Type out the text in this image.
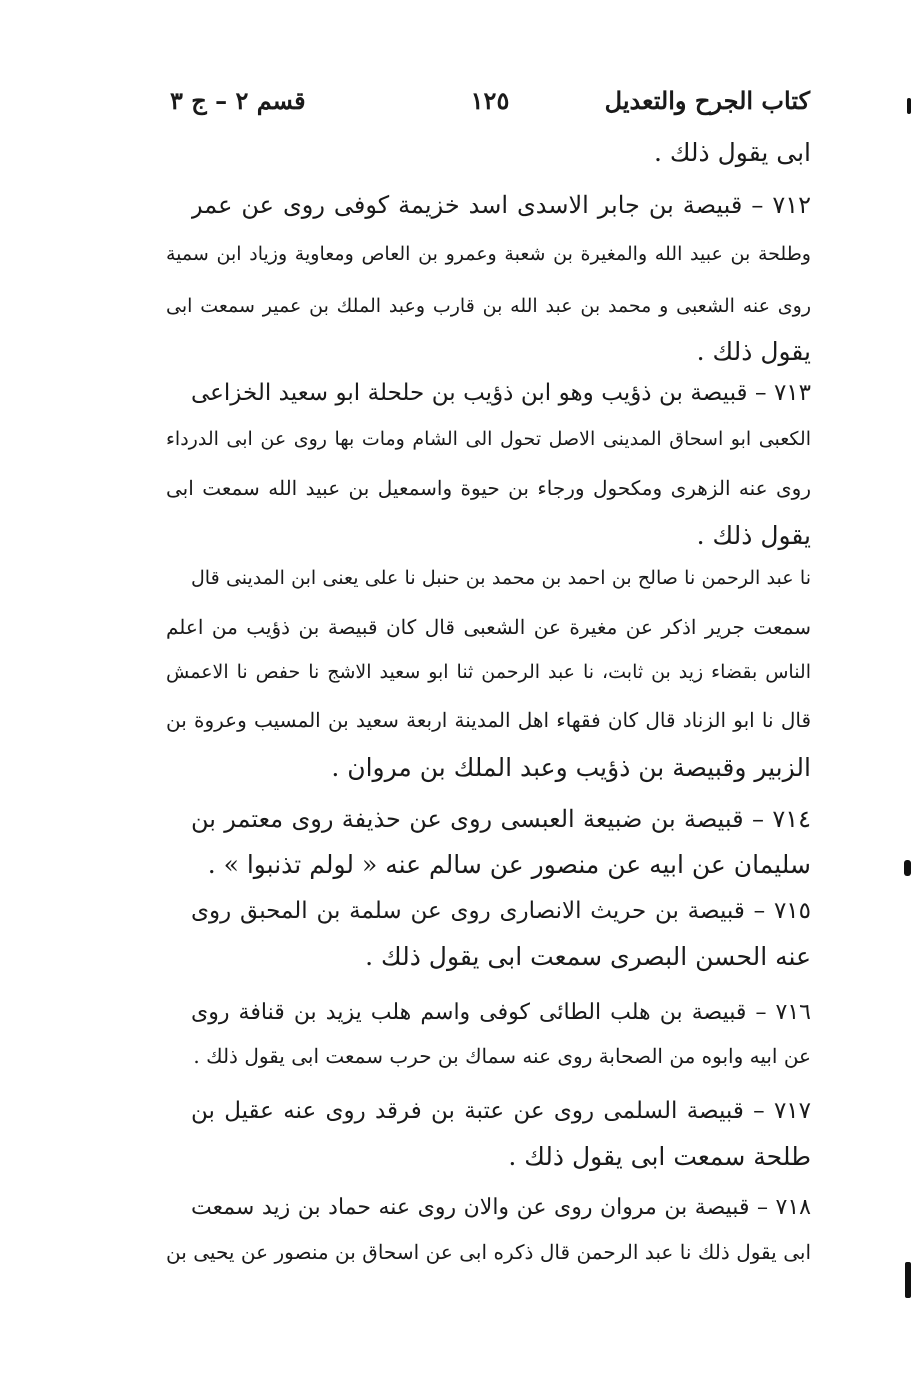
كتاب الجرح والتعديل
١٢٥
قسم ٢ – ج ٣
ابى يقول ذلك .
٧١٢ – قبيصة بن جابر الاسدى اسد خزيمة كوفى روى عن عمر
وطلحة بن عبيد الله والمغيرة بن شعبة وعمرو بن العاص ومعاوية وزياد ابن سمية
روى عنه الشعبى و محمد بن عبد الله بن قارب وعبد الملك بن عمير سمعت ابى
يقول ذلك .
٧١٣ – قبيصة بن ذؤيب وهو ابن ذؤيب بن حلحلة ابو سعيد الخزاعى
الكعبى ابو اسحاق المدينى الاصل تحول الى الشام ومات بها روى عن ابى الدرداء
روى عنه الزهرى ومكحول ورجاء بن حيوة واسمعيل بن عبيد الله سمعت ابى
يقول ذلك .
نا عبد الرحمن نا صالح بن احمد بن محمد بن حنبل نا على يعنى ابن المدينى قال
سمعت جرير اذكر عن مغيرة عن الشعبى قال كان قبيصة بن ذؤيب من اعلم
الناس بقضاء زيد بن ثابت، نا عبد الرحمن ثنا ابو سعيد الاشج نا حفص نا الاعمش
قال نا ابو الزناد قال كان فقهاء اهل المدينة اربعة سعيد بن المسيب وعروة بن
الزبير وقبيصة بن ذؤيب وعبد الملك بن مروان .
٧١٤ – قبيصة بن ضبيعة العبسى روى عن حذيفة روى معتمر بن
سليمان عن ابيه عن منصور عن سالم عنه « لولم تذنبوا » .
٧١٥ – قبيصة بن حريث الانصارى روى عن سلمة بن المحبق روى
عنه الحسن البصرى سمعت ابى يقول ذلك .
٧١٦ – قبيصة بن هلب الطائى كوفى واسم هلب يزيد بن قنافة روى
عن ابيه وابوه من الصحابة روى عنه سماك بن حرب سمعت ابى يقول ذلك .
٧١٧ – قبيصة السلمى روى عن عتبة بن فرقد روى عنه عقيل بن
طلحة سمعت ابى يقول ذلك .
٧١٨ – قبيصة بن مروان روى عن والان روى عنه حماد بن زيد سمعت
ابى يقول ذلك نا عبد الرحمن قال ذكره ابى عن اسحاق بن منصور عن يحيى بن
